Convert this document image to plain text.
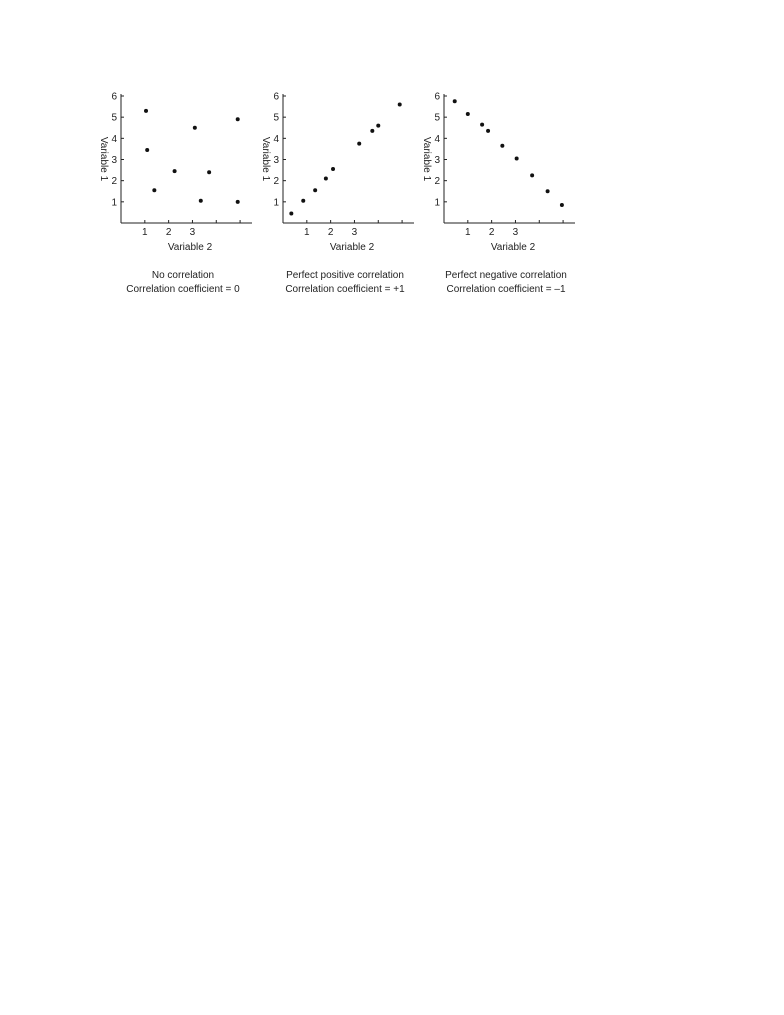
Variable 1
Variable 2
No correlation
Correlation coefficient = 0
1
2
3
4
5
6
1 2 3
Variable 1
Variable 2
Perfect positive correlation
Correlation coefficient = +1
1
2
3
4
5
6
1 2 3
Variable 1
Variable 2
Perfect negative correlation
Correlation coefficient = –1
1
2
3
4
5
6
1 2 3
